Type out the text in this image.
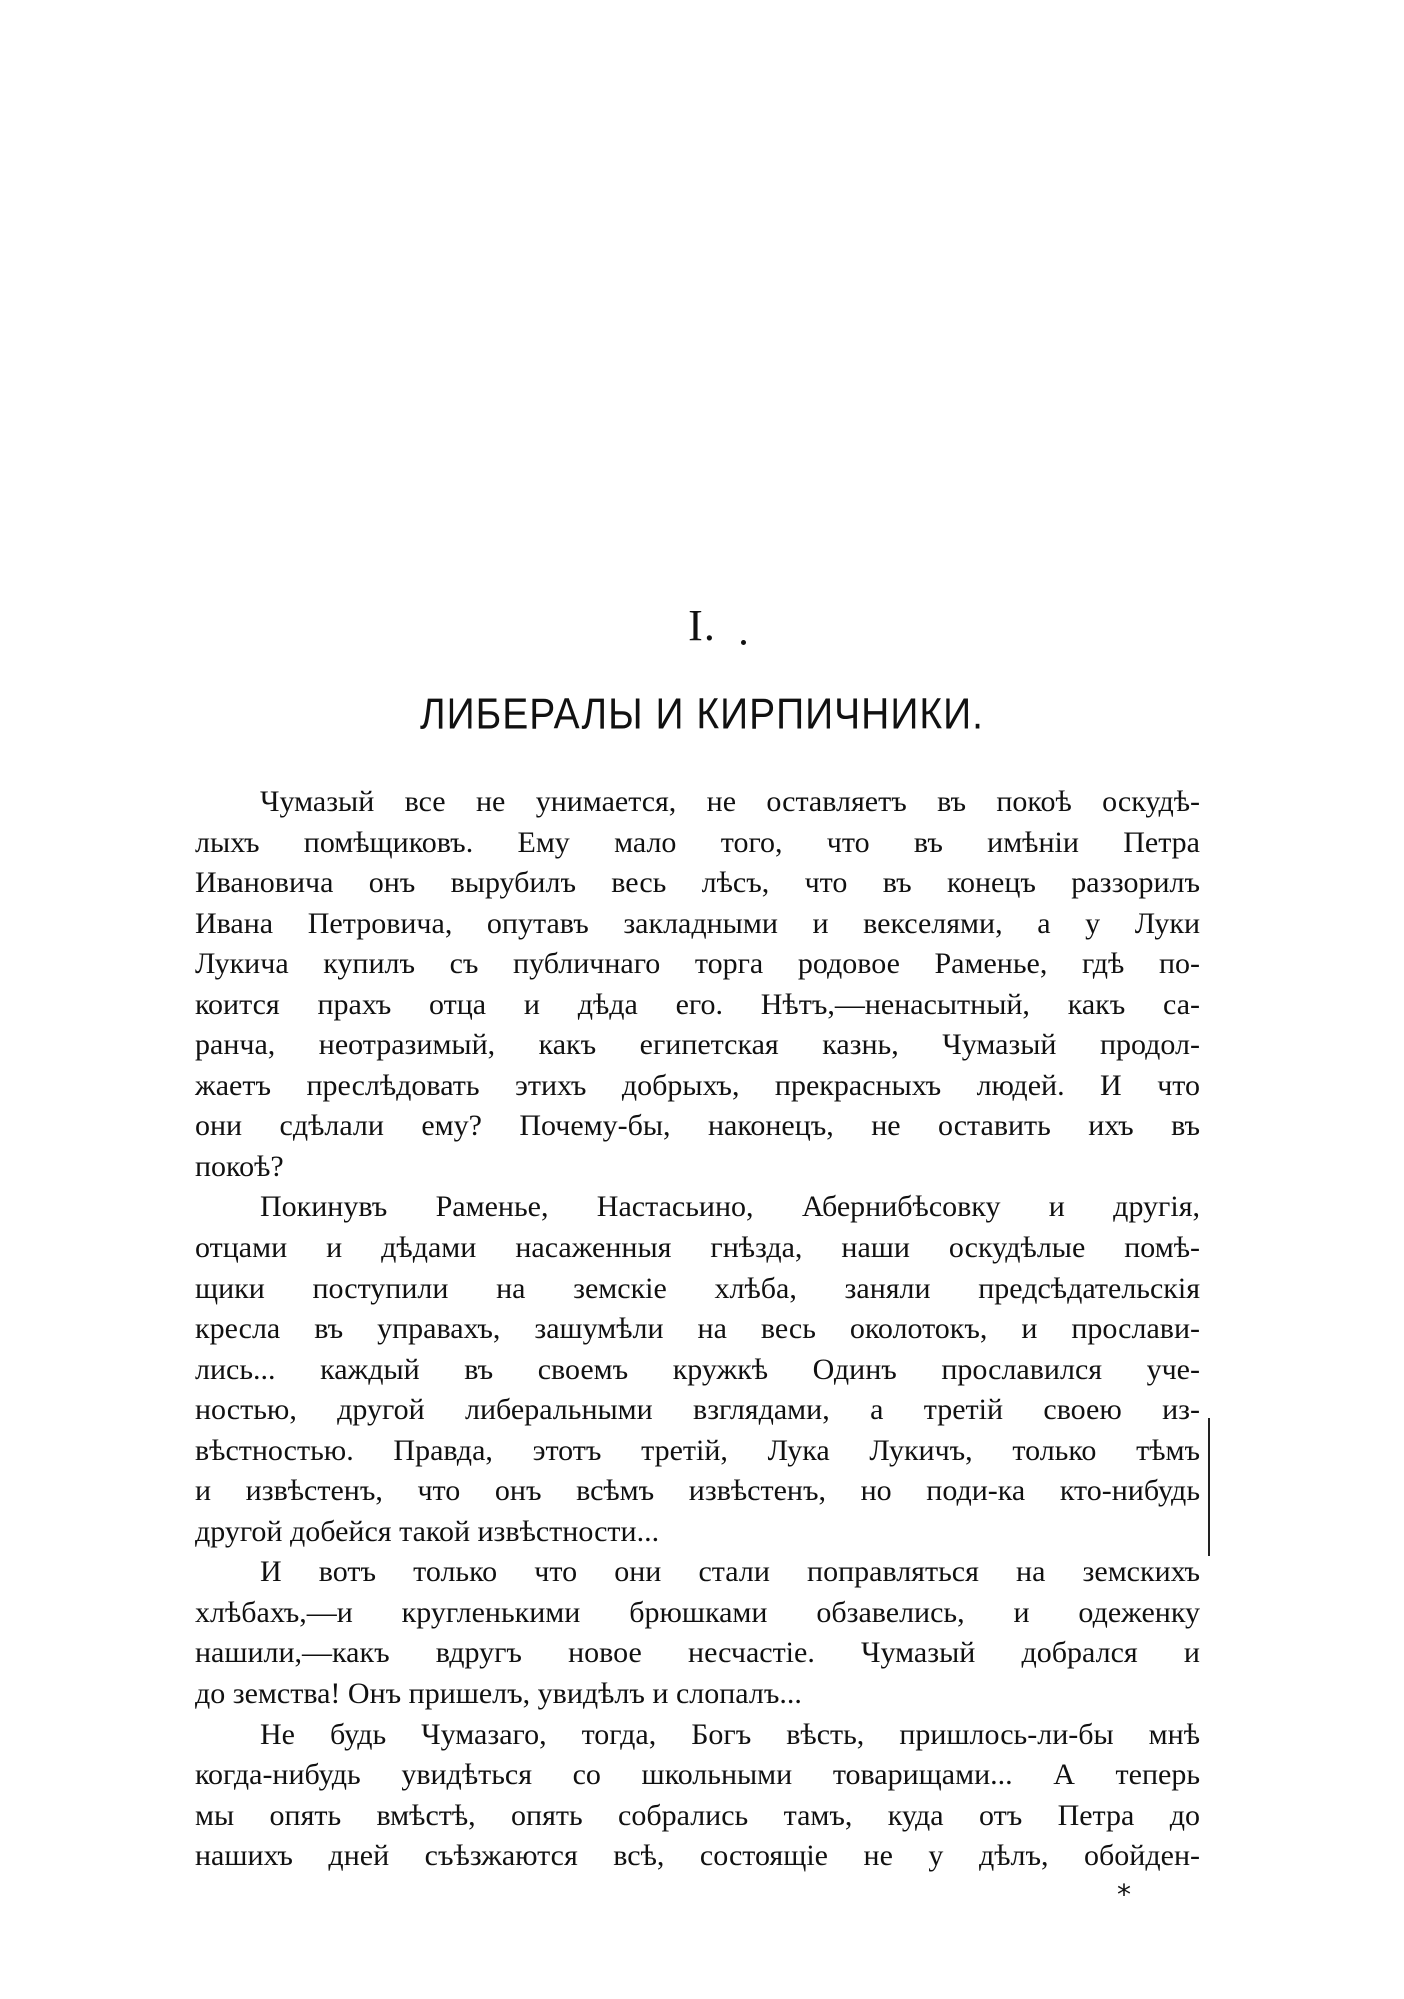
I.
ЛИБЕРАЛЫ И КИРПИЧНИКИ.
Чумазый все не унимается, не оставляетъ въ покоѣ оскудѣ-
лыхъ помѣщиковъ. Ему мало того, что въ имѣніи Петра
Ивановича онъ вырубилъ весь лѣсъ, что въ конецъ раззорилъ
Ивана Петровича, опутавъ закладными и векселями, а у Луки
Лукича купилъ съ публичнаго торга родовое Раменье, гдѣ по-
коится прахъ отца и дѣда его. Нѣтъ,—ненасытный, какъ са-
ранча, неотразимый, какъ египетская казнь, Чумазый продол-
жаетъ преслѣдовать этихъ добрыхъ, прекрасныхъ людей. И что
они сдѣлали ему? Почему-бы, наконецъ, не оставить ихъ въ
покоѣ?
Покинувъ Раменье, Настасьино, Абернибѣсовку и другія,
отцами и дѣдами насаженныя гнѣзда, наши оскудѣлые помѣ-
щики поступили на земскіе хлѣба, заняли предсѣдательскія
кресла въ управахъ, зашумѣли на весь околотокъ, и прослави-
лись... каждый въ своемъ кружкѣ Одинъ прославился уче-
ностью, другой либеральными взглядами, а третій своею из-
вѣстностью. Правда, этотъ третій, Лука Лукичъ, только тѣмъ
и извѣстенъ, что онъ всѣмъ извѣстенъ, но поди-ка кто-нибудь
другой добейся такой извѣстности...
И вотъ только что они стали поправляться на земскихъ
хлѣбахъ,—и кругленькими брюшками обзавелись, и одеженку
нашили,—какъ вдругъ новое несчастіе. Чумазый добрался и
до земства! Онъ пришелъ, увидѣлъ и слопалъ...
Не будь Чумазаго, тогда, Богъ вѣсть, пришлось-ли-бы мнѣ
когда-нибудь увидѣться со школьными товарищами... А теперь
мы опять вмѣстѣ, опять собрались тамъ, куда отъ Петра до
нашихъ дней съѣзжаются всѣ, состоящіе не у дѣлъ, обойден-
*
